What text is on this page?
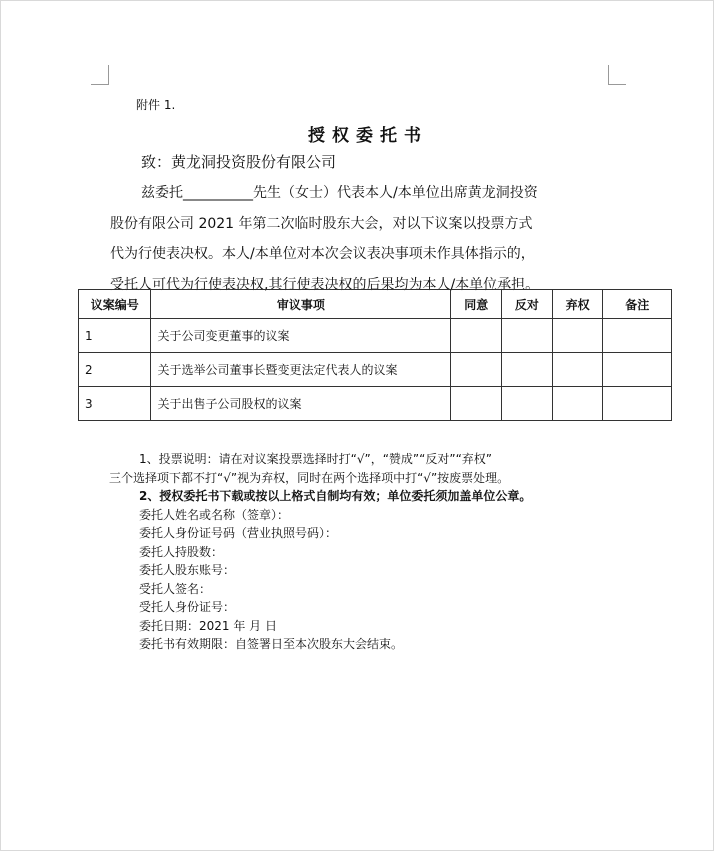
附件 1.
授权委托书
致：黄龙洞投资股份有限公司
兹委托__________先生（女士）代表本人/本单位出席黄龙洞投资
股份有限公司 2021 年第二次临时股东大会，对以下议案以投票方式
代为行使表决权。本人/本单位对本次会议表决事项未作具体指示的，
受托人可代为行使表决权,其行使表决权的后果均为本人/本单位承担。
议案编号	审议事项	同意	反对	弃权	备注
1	关于公司变更董事的议案				
2	关于选举公司董事长暨变更法定代表人的议案				
3	关于出售子公司股权的议案				
1、投票说明：请在对议案投票选择时打“√”，“赞成”“反对”“弃权”
三个选择项下都不打“√”视为弃权，同时在两个选择项中打“√”按废票处理。
2、授权委托书下载或按以上格式自制均有效；单位委托须加盖单位公章。
委托人姓名或名称（签章）：
委托人身份证号码（营业执照号码）：
委托人持股数：
委托人股东账号：
受托人签名：
受托人身份证号：
委托日期：2021 年 月 日
委托书有效期限：自签署日至本次股东大会结束。
